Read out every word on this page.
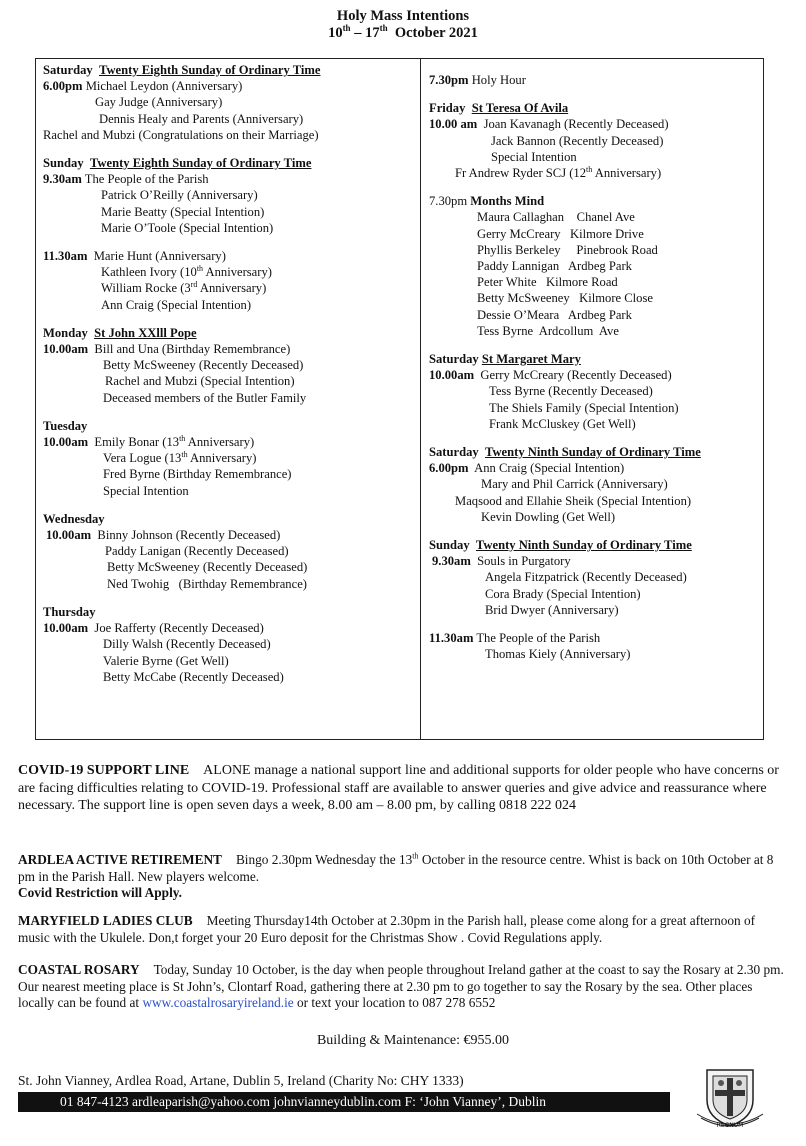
Holy Mass Intentions
10th – 17th  October 2021
Saturday Twenty Eighth Sunday of Ordinary Time
6.00pm Michael Leydon (Anniversary)
Gay Judge (Anniversary)
Dennis Healy and Parents (Anniversary)
Rachel and Mubzi (Congratulations on their Marriage)
Sunday Twenty Eighth Sunday of Ordinary Time
9.30am The People of the Parish
Patrick O’Reilly (Anniversary)
Marie Beatty (Special Intention)
Marie O’Toole (Special Intention)
11.30am Marie Hunt (Anniversary)
Kathleen Ivory (10th Anniversary)
William Rocke (3rd Anniversary)
Ann Craig (Special Intention)
Monday St John XXlll Pope
10.00am Bill and Una (Birthday Remembrance)
Betty McSweeney (Recently Deceased)
Rachel and Mubzi (Special Intention)
Deceased members of the Butler Family
Tuesday
10.00am Emily Bonar (13th Anniversary)
Vera Logue (13th Anniversary)
Fred Byrne (Birthday Remembrance)
Special Intention
Wednesday
10.00am Binny Johnson (Recently Deceased)
Paddy Lanigan (Recently Deceased)
Betty McSweeney (Recently Deceased)
Ned Twohig   (Birthday Remembrance)
Thursday
10.00am Joe Rafferty (Recently Deceased)
Dilly Walsh (Recently Deceased)
Valerie Byrne (Get Well)
Betty McCabe (Recently Deceased)
7.30pm Holy Hour
Friday St Teresa Of Avila
10.00 am Joan Kavanagh (Recently Deceased)
Jack Bannon (Recently Deceased)
Special Intention
Fr Andrew Ryder SCJ (12th Anniversary)
7.30pm Months Mind
Maura Callaghan    Chanel Ave
Gerry McCreary   Kilmore Drive
Phyllis Berkeley     Pinebrook Road
Paddy Lannigan   Ardbeg Park
Peter White   Kilmore Road
Betty McSweeney   Kilmore Close
Dessie O’Meara   Ardbeg Park
Tess Byrne  Ardcollum  Ave
Saturday St Margaret Mary
10.00am Gerry McCreary (Recently Deceased)
Tess Byrne (Recently Deceased)
The Shiels Family (Special Intention)
Frank McCluskey (Get Well)
Saturday Twenty Ninth Sunday of Ordinary Time
6.00pm Ann Craig (Special Intention)
Mary and Phil Carrick (Anniversary)
Maqsood and Ellahie Sheik (Special Intention)
Kevin Dowling (Get Well)
Sunday Twenty Ninth Sunday of Ordinary Time
9.30am Souls in Purgatory
Angela Fitzpatrick (Recently Deceased)
Cora Brady (Special Intention)
Brid Dwyer (Anniversary)
11.30am The People of the Parish
Thomas Kiely (Anniversary)
COVID-19 SUPPORT LINE ALONE manage a national support line and additional supports for older people who have concerns or are facing difficulties relating to COVID-19. Professional staff are available to answer queries and give advice and reassurance where necessary. The support line is open seven days a week, 8.00 am – 8.00 pm, by calling 0818 222 024
ARDLEA ACTIVE RETIREMENT Bingo 2.30pm Wednesday the 13th October in the resource centre. Whist is back on 10th October at 8 pm in the Parish Hall. New players welcome.
Covid Restriction will Apply.
MARYFIELD LADIES CLUB Meeting Thursday14th October at 2.30pm in the Parish hall, please come along for a great afternoon of music with the Ukulele. Don,t forget your 20 Euro deposit for the Christmas Show . Covid Regulations apply.
COASTAL ROSARY Today, Sunday 10 October, is the day when people throughout Ireland gather at the coast to say the Rosary at 2.30 pm. Our nearest meeting place is St John’s, Clontarf Road, gathering there at 2.30 pm to go together to say the Rosary by the sea. Other places locally can be found at www.coastalrosaryireland.ie or text your location to 087 278 6552
Building & Maintenance: €955.00
St. John Vianney, Ardlea Road, Artane, Dublin 5, Ireland (Charity No: CHY 1333)
01 847-4123 ardleaparish@yahoo.com johnvianneydublin.com F: ‘John Vianney’, Dublin
REGNUM
